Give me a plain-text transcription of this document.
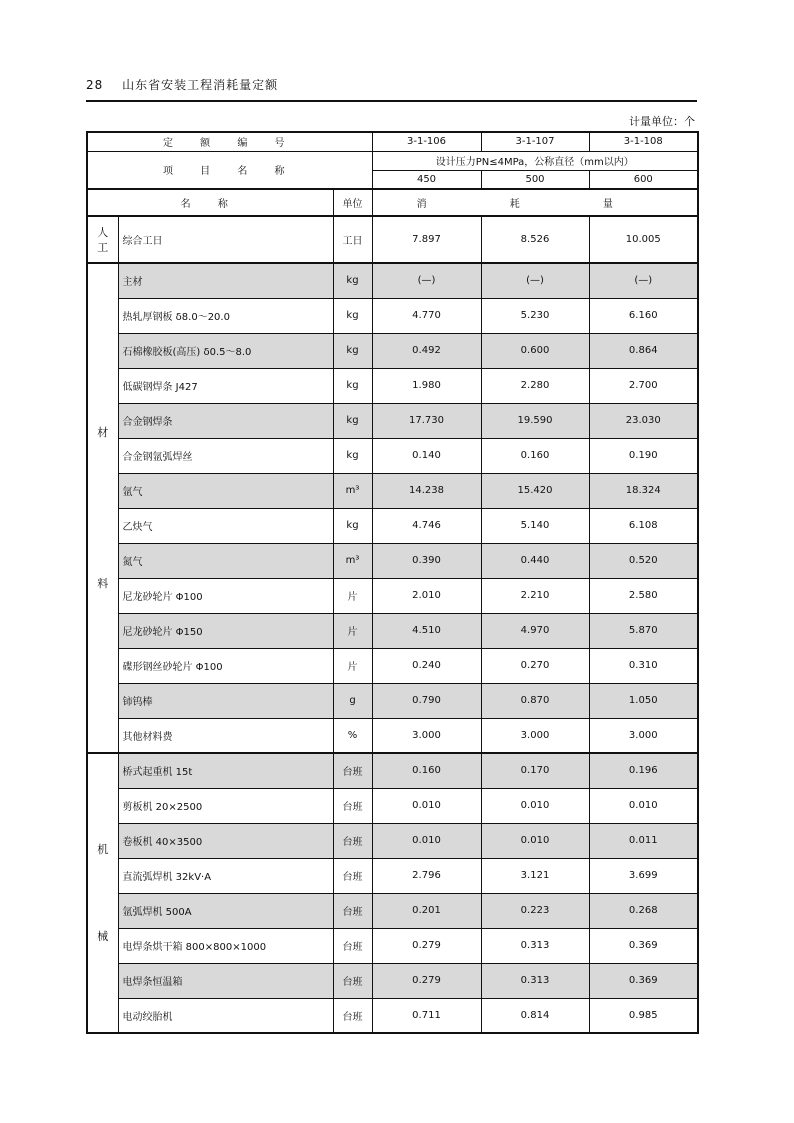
28 山东省安装工程消耗量定额
计量单位：个
定 额 编 号			3-1-106	3-1-107	3-1-108
项 目 名 称			设计压力PN≤4MPa，公称直径（mm以内）		
			450	500	600
名 称		单位	消 耗 量		
人工	综合工日	工日	7.897	8.526	10.005

材
料	主材	kg	(—)	(—)	(—)
	热轧厚钢板 δ8.0～20.0	kg	4.770	5.230	6.160
	石棉橡胶板(高压) δ0.5～8.0	kg	0.492	0.600	0.864
	低碳钢焊条 J427	kg	1.980	2.280	2.700
	合金钢焊条	kg	17.730	19.590	23.030
	合金钢氩弧焊丝	kg	0.140	0.160	0.190
	氩气	m³	14.238	15.420	18.324
	乙炔气	kg	4.746	5.140	6.108
	氮气	m³	0.390	0.440	0.520
	尼龙砂轮片 Φ100	片	2.010	2.210	2.580
	尼龙砂轮片 Φ150	片	4.510	4.970	5.870
	碟形钢丝砂轮片 Φ100	片	0.240	0.270	0.310
	铈钨棒	g	0.790	0.870	1.050
	其他材料费	%	3.000	3.000	3.000

机
械	桥式起重机 15t	台班	0.160	0.170	0.196
	剪板机 20×2500	台班	0.010	0.010	0.010
	卷板机 40×3500	台班	0.010	0.010	0.011
	直流弧焊机 32kV·A	台班	2.796	3.121	3.699
	氩弧焊机 500A	台班	0.201	0.223	0.268
	电焊条烘干箱 800×800×1000	台班	0.279	0.313	0.369
	电焊条恒温箱	台班	0.279	0.313	0.369
	电动绞胎机	台班	0.711	0.814	0.985
